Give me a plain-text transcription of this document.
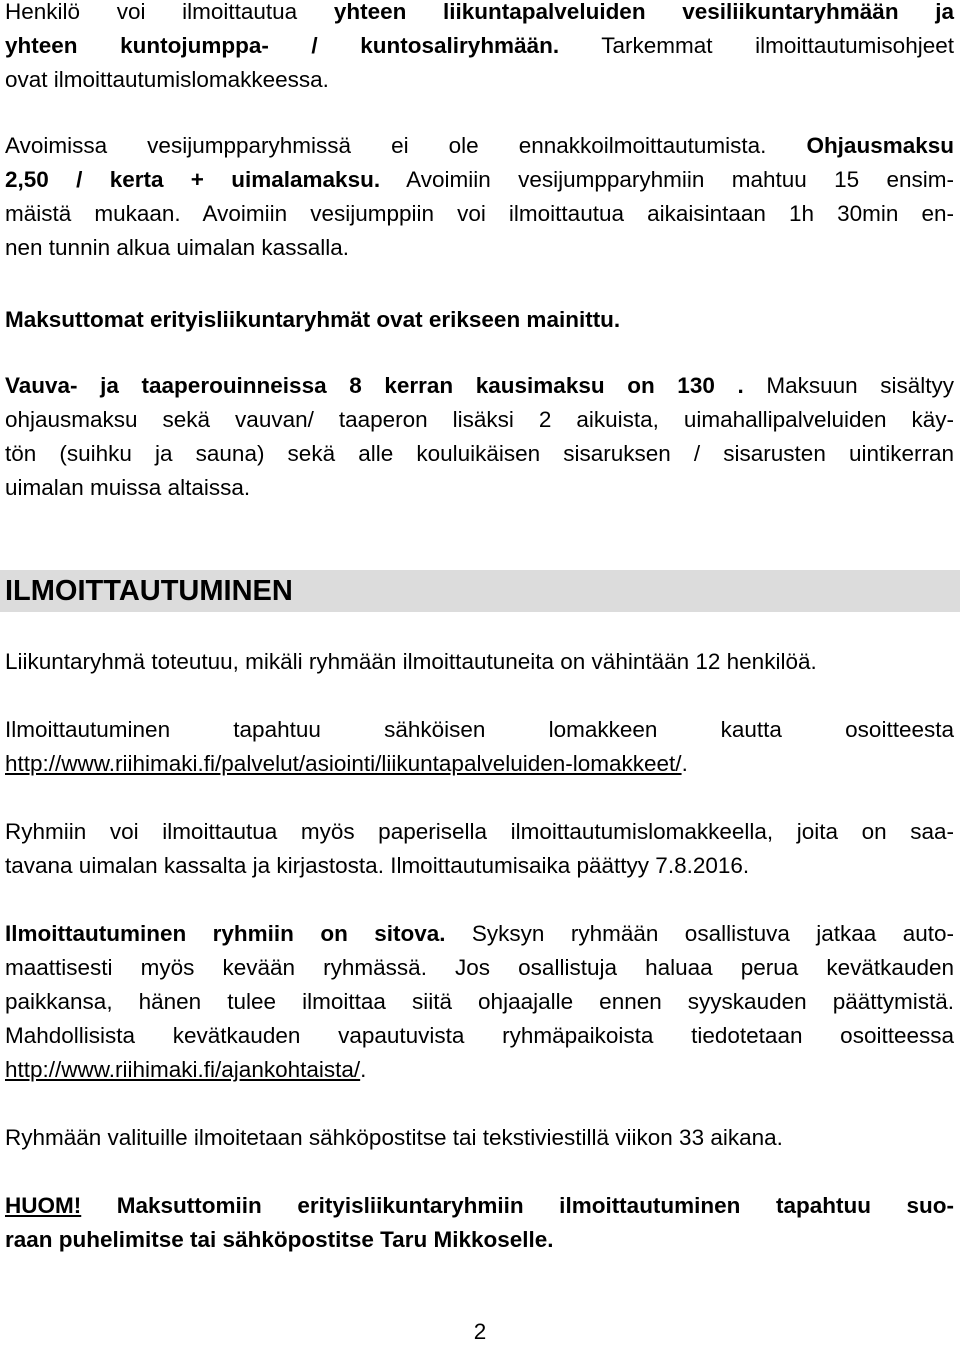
Henkilö voi ilmoittautua yhteen liikuntapalveluiden vesiliikuntaryhmään ja
yhteen kuntojumppa- / kuntosaliryhmään. Tarkemmat ilmoittautumisohjeet
ovat ilmoittautumislomakkeessa.
Avoimissa vesijumpparyhmissä ei ole ennakkoilmoittautumista. Ohjausmaksu
2,50 / kerta + uimalamaksu. Avoimiin vesijumpparyhmiin mahtuu 15 ensim-
mäistä mukaan. Avoimiin vesijumppiin voi ilmoittautua aikaisintaan 1h 30min en-
nen tunnin alkua uimalan kassalla.
Maksuttomat erityisliikuntaryhmät ovat erikseen mainittu.
Vauva- ja taaperouinneissa 8 kerran kausimaksu on 130 . Maksuun sisältyy
ohjausmaksu sekä vauvan/ taaperon lisäksi 2 aikuista, uimahallipalveluiden käy-
tön (suihku ja sauna) sekä alle kouluikäisen sisaruksen / sisarusten uintikerran
uimalan muissa altaissa.
ILMOITTAUTUMINEN
Liikuntaryhmä toteutuu, mikäli ryhmään ilmoittautuneita on vähintään 12 henkilöä.
Ilmoittautuminen tapahtuu sähköisen lomakkeen kautta osoitteesta
http://www.riihimaki.fi/palvelut/asiointi/liikuntapalveluiden-lomakkeet/.
Ryhmiin voi ilmoittautua myös paperisella ilmoittautumislomakkeella, joita on saa-
tavana uimalan kassalta ja kirjastosta. Ilmoittautumisaika päättyy 7.8.2016.
Ilmoittautuminen ryhmiin on sitova. Syksyn ryhmään osallistuva jatkaa auto-
maattisesti myös kevään ryhmässä. Jos osallistuja haluaa perua kevätkauden
paikkansa, hänen tulee ilmoittaa siitä ohjaajalle ennen syyskauden päättymistä.
Mahdollisista kevätkauden vapautuvista ryhmäpaikoista tiedotetaan osoitteessa
http://www.riihimaki.fi/ajankohtaista/.
Ryhmään valituille ilmoitetaan sähköpostitse tai tekstiviestillä viikon 33 aikana.
HUOM! Maksuttomiin erityisliikuntaryhmiin ilmoittautuminen tapahtuu suo-
raan puhelimitse tai sähköpostitse Taru Mikkoselle.
2
